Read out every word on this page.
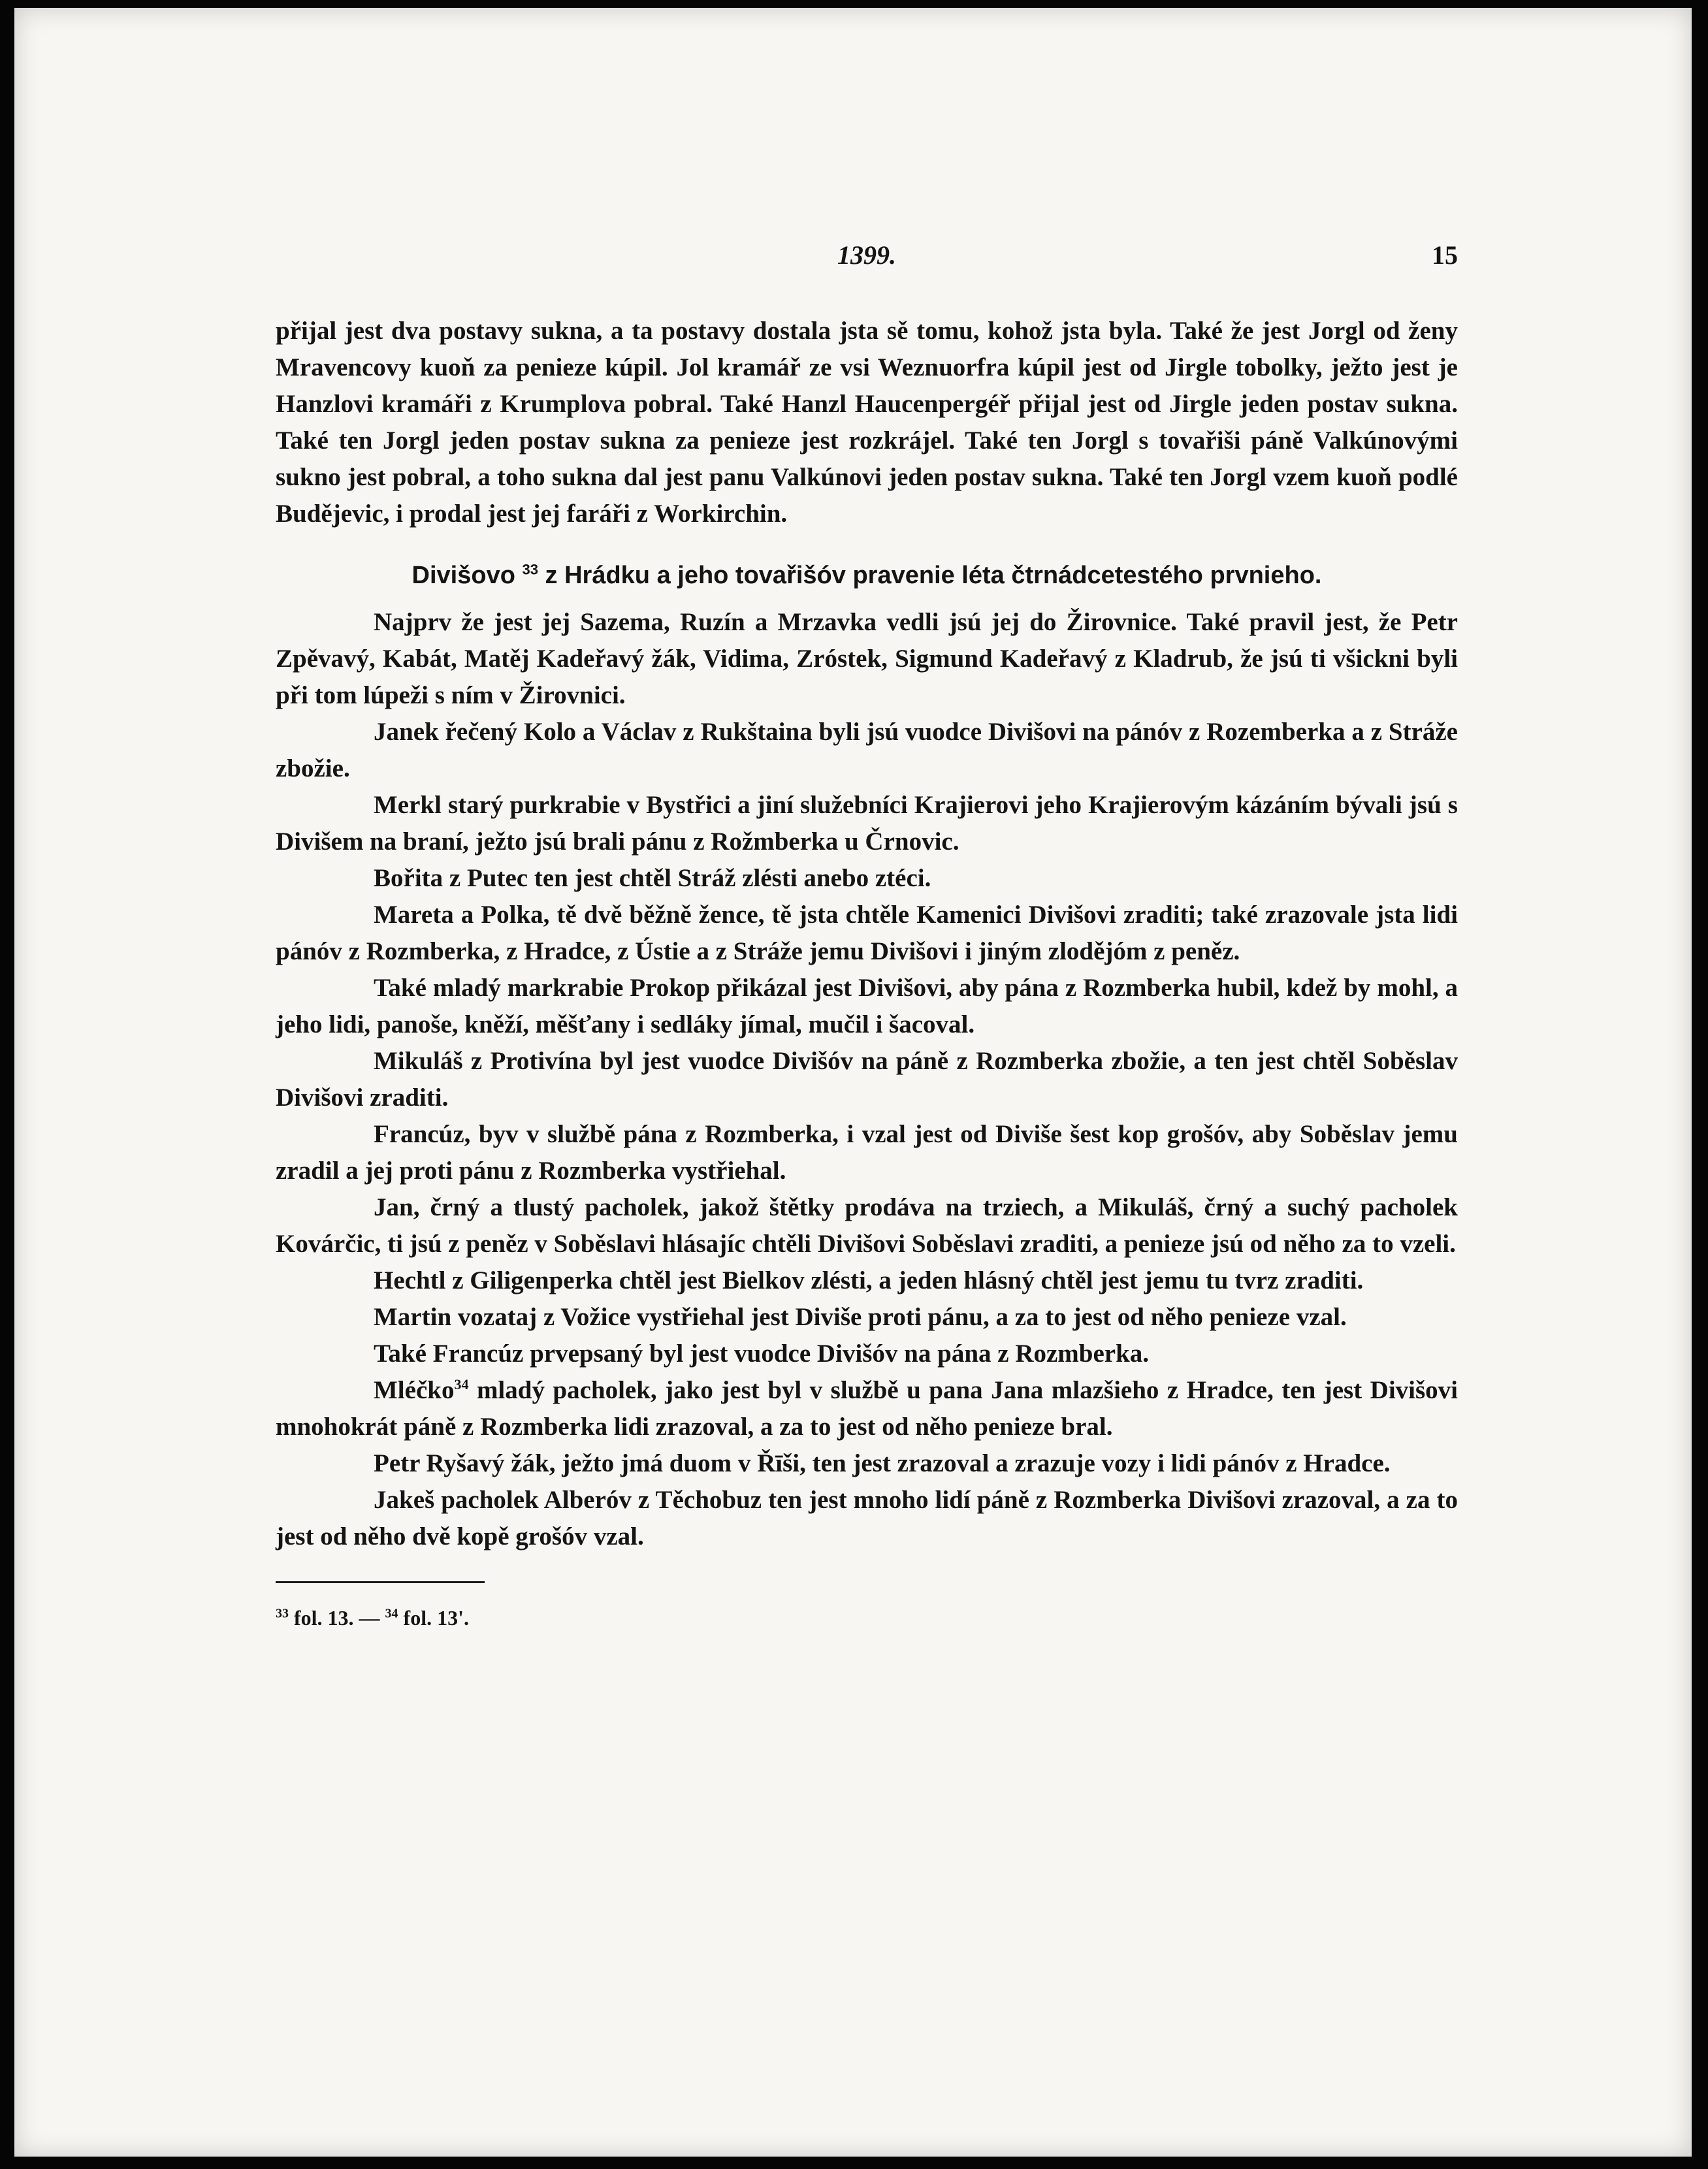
1399.	15

přijal jest dva postavy sukna, a ta postavy dostala jsta sě tomu, kohož jsta byla. Také že jest Jorgl od ženy Mravencovy kuoň za penieze kúpil. Jol kramář ze vsi Weznuorfra kúpil jest od Jirgle tobolky, ježto jest je Hanzlovi kramáři z Krumplova pobral. Také Hanzl Haucenpergéř přijal jest od Jirgle jeden postav sukna. Také ten Jorgl jeden postav sukna za penieze jest rozkrájel. Také ten Jorgl s tovařiši páně Valkúnovými sukno jest pobral, a toho sukna dal jest panu Valkúnovi jeden postav sukna. Také ten Jorgl vzem kuoň podlé Budějevic, i prodal jest jej faráři z Workirchin.

Divišovo $^{33}$ z Hrádku a jeho tovařišóv pravenie léta čtrnádcetestého prvnieho.

Najprv že jest jej Sazema, Ruzín a Mrzavka vedli jsú jej do Žirovnice. Také pravil jest, že Petr Zpěvavý, Kabát, Matěj Kadeřavý žák, Vidima, Zróstek, Sigmund Kadeřavý z Kladrub, že jsú ti všickni byli při tom lúpeži s ním v Žirovnici.

Janek řečený Kolo a Václav z Rukštaina byli jsú vuodce Divišovi na pánóv z Rozemberka a z Stráže zbožie.

Merkl starý purkrabie v Bystřici a jiní služebníci Krajierovi jeho Krajierovým kázáním bývali jsú s Divišem na braní, ježto jsú brali pánu z Rožmberka u Črnovic.

Bořita z Putec ten jest chtěl Stráž zlésti anebo ztéci.

Mareta a Polka, tě dvě běžně žence, tě jsta chtěle Kamenici Divišovi zraditi; také zrazovale jsta lidi pánóv z Rozmberka, z Hradce, z Ústie a z Stráže jemu Divišovi i jiným zlodějóm z peněz.

Také mladý markrabie Prokop přikázal jest Divišovi, aby pána z Rozmberka hubil, kdež by mohl, a jeho lidi, panoše, kněží, měšťany i sedláky jímal, mučil i šacoval.

Mikuláš z Protivína byl jest vuodce Divišóv na páně z Rozmberka zbožie, a ten jest chtěl Soběslav Divišovi zraditi.

Francúz, byv v službě pána z Rozmberka, i vzal jest od Diviše šest kop grošóv, aby Soběslav jemu zradil a jej proti pánu z Rozmberka vystřiehal.

Jan, črný a tlustý pacholek, jakož štětky prodáva na trziech, a Mikuláš, črný a suchý pacholek Kovárčic, ti jsú z peněz v Soběslavi hlásajíc chtěli Divišovi Soběslavi zraditi, a penieze jsú od něho za to vzeli.

Hechtl z Giligenperka chtěl jest Bielkov zlésti, a jeden hlásný chtěl jest jemu tu tvrz zraditi.

Martin vozataj z Vožice vystřiehal jest Diviše proti pánu, a za to jest od něho penieze vzal.

Také Francúz prvepsaný byl jest vuodce Divišóv na pána z Rozmberka.

Mléčko$^{34}$ mladý pacholek, jako jest byl v službě u pana Jana mlazšieho z Hradce, ten jest Divišovi mnohokrát páně z Rozmberka lidi zrazoval, a za to jest od něho penieze bral.

Petr Ryšavý žák, ježto jmá duom v Řīši, ten jest zrazoval a zrazuje vozy i lidi pánóv z Hradce.

Jakeš pacholek Alberóv z Těchobuz ten jest mnoho lidí páně z Rozmberka Divišovi zrazoval, a za to jest od něho dvě kopě grošóv vzal.

$^{33}$ fol. 13. — $^{34}$ fol. 13'.
